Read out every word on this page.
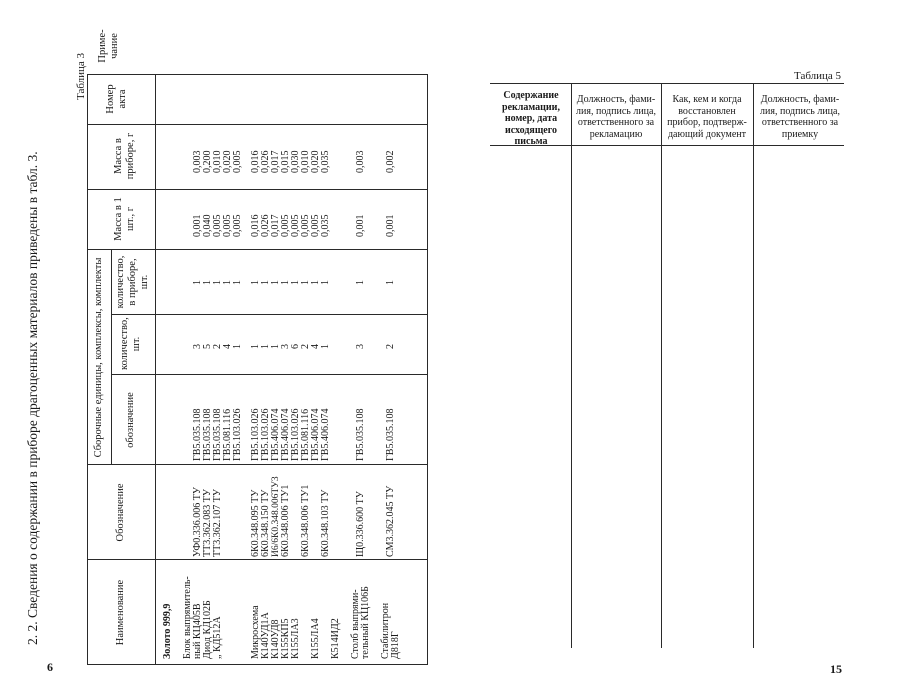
6
2. 2. Сведения о содержании в приборе драгоценных материалов приведены в табл. 3.
Таблица 3
Наименование
Обозначение
Сборочные единицы, комплексы, комплекты обозначение
количество, шт.
количество, в приборе, шт.
Масса в 1 шт., г
Масса в приборе, г
Номер акта
Приме- чание
Золото 999,9 Блок выпрямитель- ный КЦ405В Диод КД102Б „ КД512А
УФ0.336.006 ТУ ТТ3.362.083 ТУ ТТ3.362.107 ТУ
ГВ5.035.108 ГВ5.035.108 ГВ5.035.108 ГВ5.081.116 ГВ5.103.026
3 5 2 4 1
1 1 1 1 1
0,001 0,040 0,005 0,005 0,005
0,003 0,200 0,010 0,020 0,005
Микросхема К140УД1А К140УД8 К155КП5 К155ЛА3 К155ЛА4 К514ИД2
6К0.348.095 ТУ 6К0.348.150 ТУ И6/6К0.348.006ТУ3 6К0.348.006 ТУ1 6К0.348.006 ТУ1 6К0.348.103 ТУ
ГВ5.103.026 ГВ5.103.026 ГВ5.406.074 ГВ5.406.074 ГВ5.103.026 ГВ5.081.116 ГВ5.406.074 ГВ5.406.074
1 1 1 3 6 2 4 1
1 1 1 1 1 1 1 1
0,016 0,026 0,017 0,005 0,005 0,005 0,005 0,035
0,016 0,026 0,017 0,015 0,030 0,010 0,020 0,035
Столб выпрями- тельный КЦ106Б
Щ0.336.600 ТУ
ГВ5.035.108
3
1
0,001
0,003
Стабилитрон Д818Г
СМ3.362.045 ТУ
ГВ5.035.108
2
1
0,001
0,002
Таблица 5
Содержание рекламации, номер, дата исходящего письма
Должность, фами-лия, подпись лица, ответственного за рекламацию
Как, кем и когда восстановлен прибор, подтверж-дающий документ
Должность, фами-лия, подпись лица, ответственного за приемку
15
